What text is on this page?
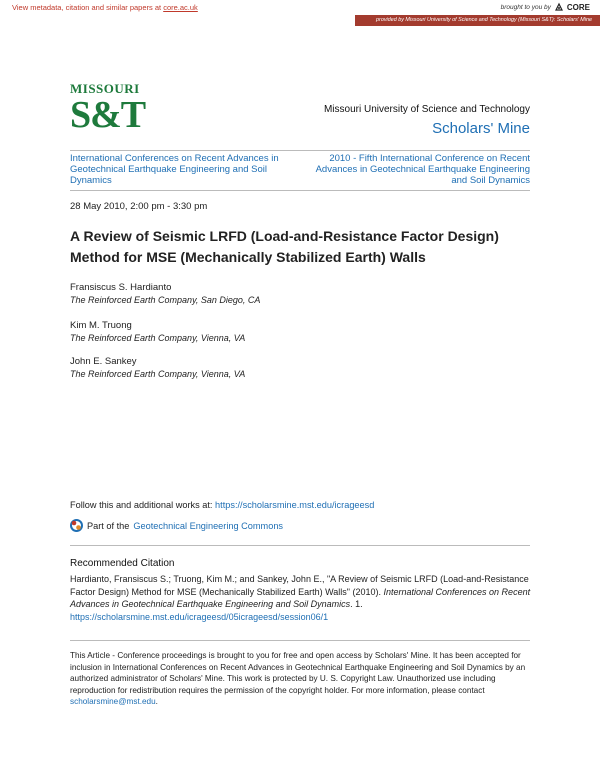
View metadata, citation and similar papers at core.ac.uk	brought to you by CORE
provided by Missouri University of Science and Technology (Missouri S&T): Scholars' Mine
MISSOURI
S&T	Missouri University of Science and Technology
Scholars' Mine
International Conferences on Recent Advances in Geotechnical Earthquake Engineering and Soil Dynamics
2010 - Fifth International Conference on Recent Advances in Geotechnical Earthquake Engineering and Soil Dynamics
28 May 2010, 2:00 pm - 3:30 pm
A Review of Seismic LRFD (Load-and-Resistance Factor Design) Method for MSE (Mechanically Stabilized Earth) Walls
Fransiscus S. Hardianto
The Reinforced Earth Company, San Diego, CA
Kim M. Truong
The Reinforced Earth Company, Vienna, VA
John E. Sankey
The Reinforced Earth Company, Vienna, VA
Follow this and additional works at: https://scholarsmine.mst.edu/icrageesd
Part of the Geotechnical Engineering Commons
Recommended Citation
Hardianto, Fransiscus S.; Truong, Kim M.; and Sankey, John E., "A Review of Seismic LRFD (Load-and-Resistance Factor Design) Method for MSE (Mechanically Stabilized Earth) Walls" (2010). International Conferences on Recent Advances in Geotechnical Earthquake Engineering and Soil Dynamics. 1.
https://scholarsmine.mst.edu/icrageesd/05icrageesd/session06/1
This Article - Conference proceedings is brought to you for free and open access by Scholars' Mine. It has been accepted for inclusion in International Conferences on Recent Advances in Geotechnical Earthquake Engineering and Soil Dynamics by an authorized administrator of Scholars' Mine. This work is protected by U. S. Copyright Law. Unauthorized use including reproduction for redistribution requires the permission of the copyright holder. For more information, please contact scholarsmine@mst.edu.
